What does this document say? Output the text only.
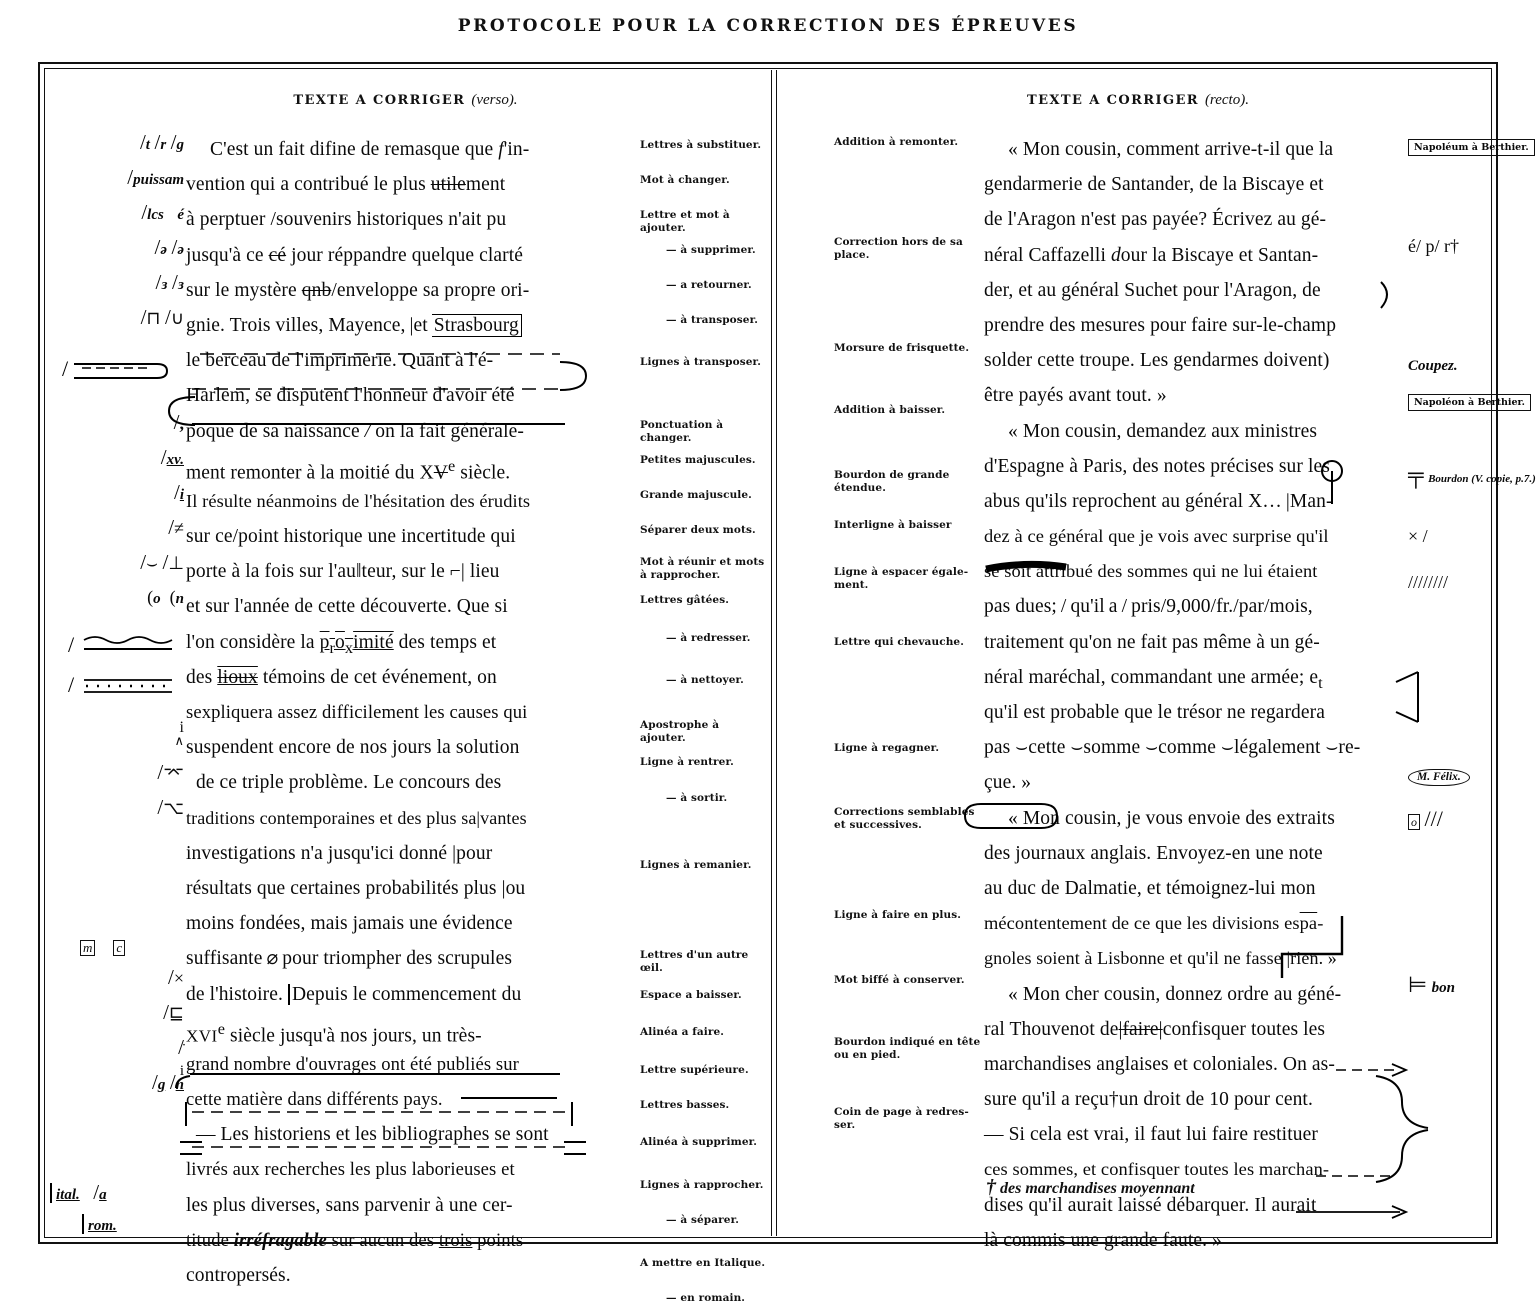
PROTOCOLE POUR LA CORRECTION DES ÉPREUVES
TEXTE A CORRIGER (verso).
/t /r /g
/puissam
/lcs é
/ə /ə
/ɜ /ɜ
/⊓ /∪
/
/,
/xv.
/i
/≠
/⌣ /⊥
(o  (n
/
/
i
∧
/⌤
/⌥
m c
/×
/⊑
/
i
/g /n
ital. /a
rom.
C'est un fait difine de remasque que f'in-
vention qui a contribué le plus utilement
à perptuer /souvenirs historiques n'ait pu
jusqu'à ce cé jour réppandre quelque clarté
sur le mystère qnb/enveloppe sa propre ori-
gnie. Trois villes, Mayence, |et Strasbourg
le berceau de l'imprimerie. Quant à l'é-
Harlem, se disputent l'honneur d'avoir été
poque de sa naissance / on la fait générale-
ment remonter à la moitié du XVe siècle.
Il résulte néanmoins de l'hésitation des érudits
sur ce/point historique une incertitude qui
porte à la fois sur l'au‖teur, sur le ⌐| lieu
et sur l'année de cette découverte. Que si
l'on considère la $p_ro_ximité$ des temps et
des lioux témoins de cet événement, on
sexpliquera assez difficilement les causes qui
suspendent encore de nos jours la solution
de ce triple problème. Le concours des
traditions contemporaines et des plus sa|vantes
investigations n'a jusqu'ici donné |pour
résultats que certaines probabilités plus |ou
moins fondées, mais jamais une évidence
suffisante ⌀ pour triompher des scrupules
de l'histoire. Depuis le commencement du
XVIe siècle jusqu'à nos jours, un très-
grand nombre d'ouvrages ont été publiés sur
cette matière dans différents pays. 
— Les historiens et les bibliographes se sont
livrés aux recherches les plus laborieuses et
les plus diverses, sans parvenir à une cer-
titude irréfragable sur aucun des trois points
contropersés.
Lettres à substituer.
Mot à changer.
Lettre et mot à ajouter.
— à supprimer.
— a retourner.
— à transposer.
Lignes à transposer.
Ponctuation à changer.
Petites majuscules.
Grande majuscule.
Séparer deux mots.
Mot à réunir et mots à rapprocher.
Lettres gâtées.
— à redresser.
— à nettoyer.
Apostrophe à ajouter.
Ligne à rentrer.
— à sortir.
Lignes à remanier.
Lettres d'un autre œil.
Espace a baisser.
Alinéa a faire.
Lettre supérieure.
Lettres basses.
Alinéa à supprimer.
Lignes à rapprocher.
— à séparer.
A mettre en Italique.
— en romain.
TEXTE A CORRIGER (recto).
Addition à remonter.
Correction hors de sa place.
Morsure de frisquette.
Addition à baisser.
Bourdon de grande étendue.
Interligne à baisser
Ligne à espacer égale- ment.
Lettre qui chevauche.
Ligne à regagner.
Corrections semblables et successives.
Ligne à faire en plus.
Mot biffé à conserver.
Bourdon indiqué en tête ou en pied.
Coin de page à redres- ser.
« Mon cousin, comment arrive-t-il que la
gendarmerie de Santander, de la Biscaye et
de l'Aragon n'est pas payée? Écrivez au gé-
néral Caffazelli dour la Biscaye et Santan-
der, et au général Suchet pour l'Aragon, de
prendre des mesures pour faire sur-le-champ
solder cette troupe. Les gendarmes doivent)
être payés avant tout. »
« Mon cousin, demandez aux ministres
d'Espagne à Paris, des notes précises sur les
abus qu'ils reprochent au général X… |Man-
dez à ce général que je vois avec surprise qu'il
se soit attribué des sommes qui ne lui étaient
pas dues; / qu'il a / pris/9,000/fr./par/mois,
traitement qu'on ne fait pas même à un gé-
néral maréchal, commandant une armée; $e_t$
qu'il est probable que le trésor ne regardera
pas ⌣cette ⌣somme ⌣comme ⌣légalement ⌣re-
çue. »
« Mon cousin, je vous envoie des extraits
des journaux anglais. Envoyez-en une note
au duc de Dalmatie, et témoignez-lui mon
mécontentement de ce que les divisions $es\overline{pa}-$
gnoles soient à Lisbonne et qu'il ne fasse |rien. »
« Mon cher cousin, donnez ordre au géné-
ral Thouvenot de|faire|confisquer toutes les
marchandises anglaises et coloniales. On as-
sure qu'il a reçu†un droit de 10 pour cent.
— Si cela est vrai, il faut lui faire restituer
ces sommes, et confisquer toutes les marchan-
dises qu'il aurait laissé débarquer. Il aurait
là commis une grande faute. »
Napoléum à Berthier.
é/ p/ r†
Coupez.
Napoléon à Berthier.
╤ Bourdon (V. copie, p.7.)
× /
////////
M. Félix.
o ///
⊨ bon
† des marchandises moyennant
